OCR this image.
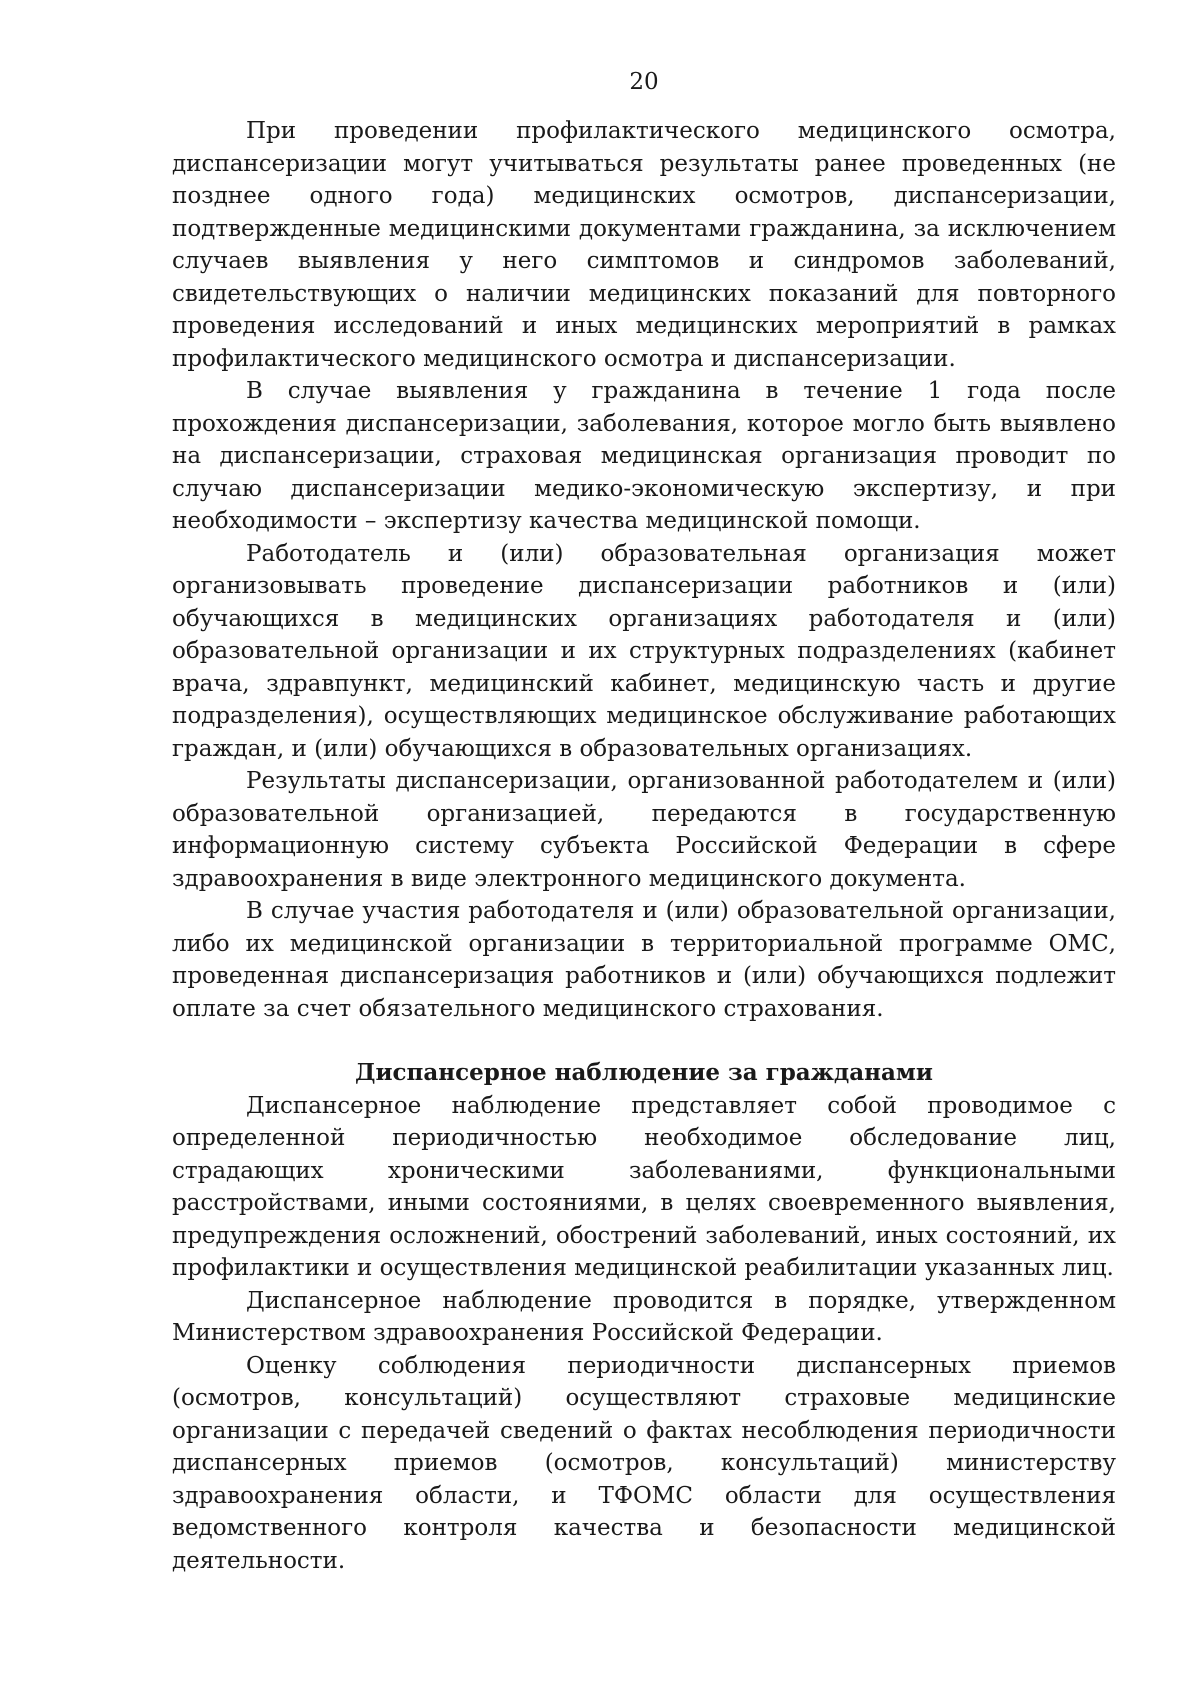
20

При проведении профилактического медицинского осмотра, диспансеризации могут учитываться результаты ранее проведенных (не позднее одного года) медицинских осмотров, диспансеризации, подтвержденные медицинскими документами гражданина, за исключением случаев выявления у него симптомов и синдромов заболеваний, свидетельствующих о наличии медицинских показаний для повторного проведения исследований и иных медицинских мероприятий в рамках профилактического медицинского осмотра и диспансеризации.

В случае выявления у гражданина в течение 1 года после прохождения диспансеризации, заболевания, которое могло быть выявлено на диспансеризации, страховая медицинская организация проводит по случаю диспансеризации медико-экономическую экспертизу, и при необходимости – экспертизу качества медицинской помощи.

Работодатель и (или) образовательная организация может организовывать проведение диспансеризации работников и (или) обучающихся в медицинских организациях работодателя и (или) образовательной организации и их структурных подразделениях (кабинет врача, здравпункт, медицинский кабинет, медицинскую часть и другие подразделения), осуществляющих медицинское обслуживание работающих граждан, и (или) обучающихся в образовательных организациях.

Результаты диспансеризации, организованной работодателем и (или) образовательной организацией, передаются в государственную информационную систему субъекта Российской Федерации в сфере здравоохранения в виде электронного медицинского документа.

В случае участия работодателя и (или) образовательной организации, либо их медицинской организации в территориальной программе ОМС, проведенная диспансеризация работников и (или) обучающихся подлежит оплате за счет обязательного медицинского страхования.

Диспансерное наблюдение за гражданами

Диспансерное наблюдение представляет собой проводимое с определенной периодичностью необходимое обследование лиц, страдающих хроническими заболеваниями, функциональными расстройствами, иными состояниями, в целях своевременного выявления, предупреждения осложнений, обострений заболеваний, иных состояний, их профилактики и осуществления медицинской реабилитации указанных лиц.

Диспансерное наблюдение проводится в порядке, утвержденном Министерством здравоохранения Российской Федерации.

Оценку соблюдения периодичности диспансерных приемов (осмотров, консультаций) осуществляют страховые медицинские организации с передачей сведений о фактах несоблюдения периодичности диспансерных приемов (осмотров, консультаций) министерству здравоохранения области, и ТФОМС области для осуществления ведомственного контроля качества и безопасности медицинской деятельности.
